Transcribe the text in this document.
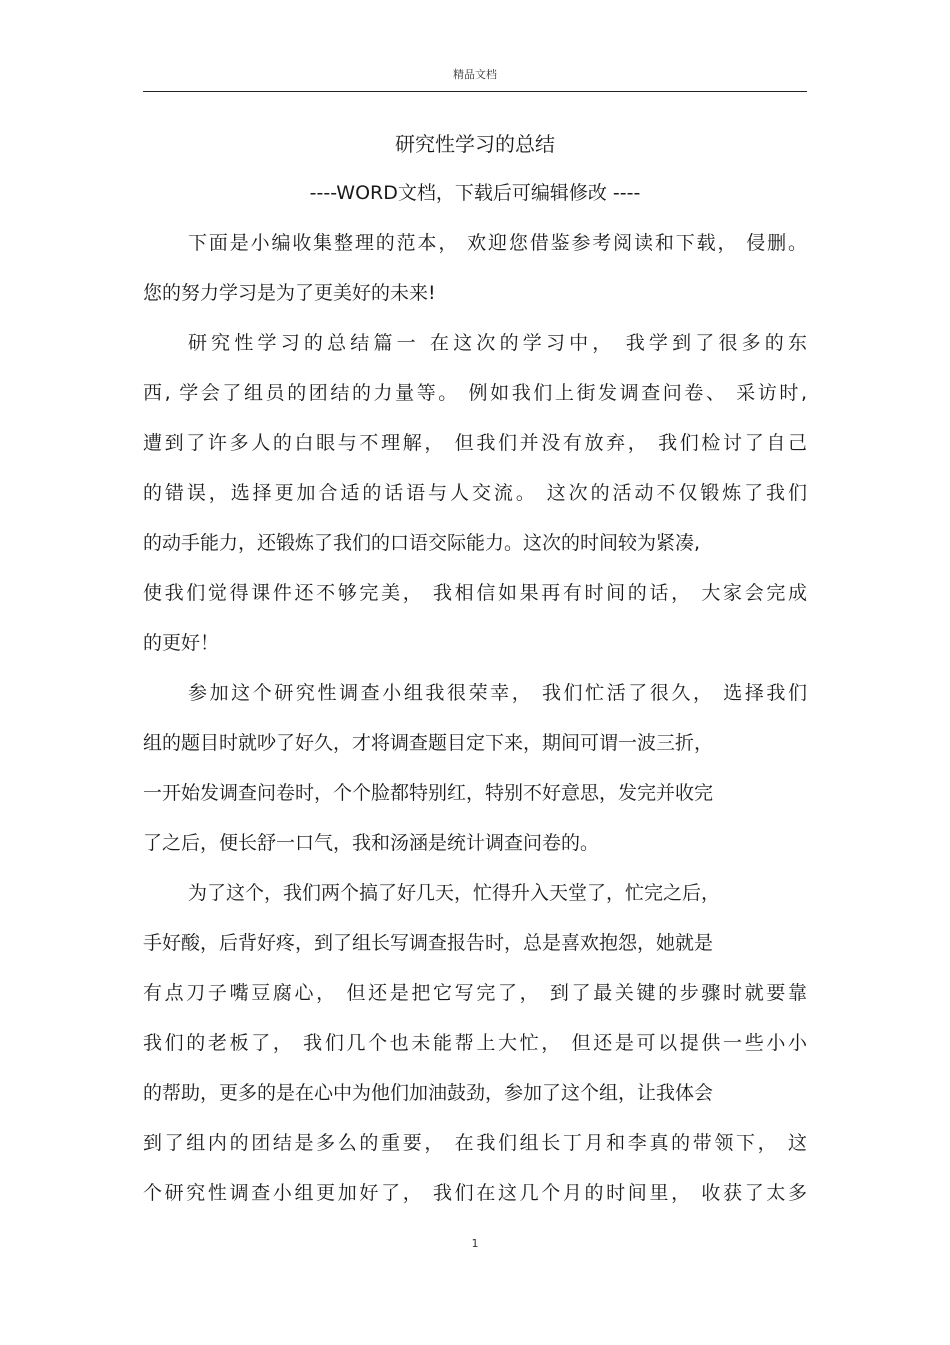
精品文档
研究性学习的总结
----WORD文档，下载后可编辑修改 ----
下面是小编收集整理的范本， 欢迎您借鉴参考阅读和下载， 侵删。
您的努力学习是为了更美好的未来!
研究性学习的总结篇一 在这次的学习中， 我学到了很多的东
西, 学会了组员的团结的力量等。 例如我们上街发调查问卷、 采访时,
遭到了许多人的白眼与不理解， 但我们并没有放弃， 我们检讨了自己
的错误，选择更加合适的话语与人交流。 这次的活动不仅锻炼了我们
的动手能力，还锻炼了我们的口语交际能力。这次的时间较为紧凑,
使我们觉得课件还不够完美， 我相信如果再有时间的话， 大家会完成
的更好！
参加这个研究性调查小组我很荣幸， 我们忙活了很久， 选择我们
组的题目时就吵了好久，才将调查题目定下来，期间可谓一波三折，
一开始发调查问卷时，个个脸都特别红，特别不好意思，发完并收完
了之后，便长舒一口气，我和汤涵是统计调查问卷的。
为了这个，我们两个搞了好几天，忙得升入天堂了，忙完之后，
手好酸，后背好疼，到了组长写调查报告时，总是喜欢抱怨，她就是
有点刀子嘴豆腐心， 但还是把它写完了， 到了最关键的步骤时就要靠
我们的老板了， 我们几个也未能帮上大忙， 但还是可以提供一些小小
的帮助，更多的是在心中为他们加油鼓劲，参加了这个组，让我体会
到了组内的团结是多么的重要， 在我们组长丁月和李真的带领下， 这
个研究性调查小组更加好了， 我们在这几个月的时间里， 收获了太多
1
